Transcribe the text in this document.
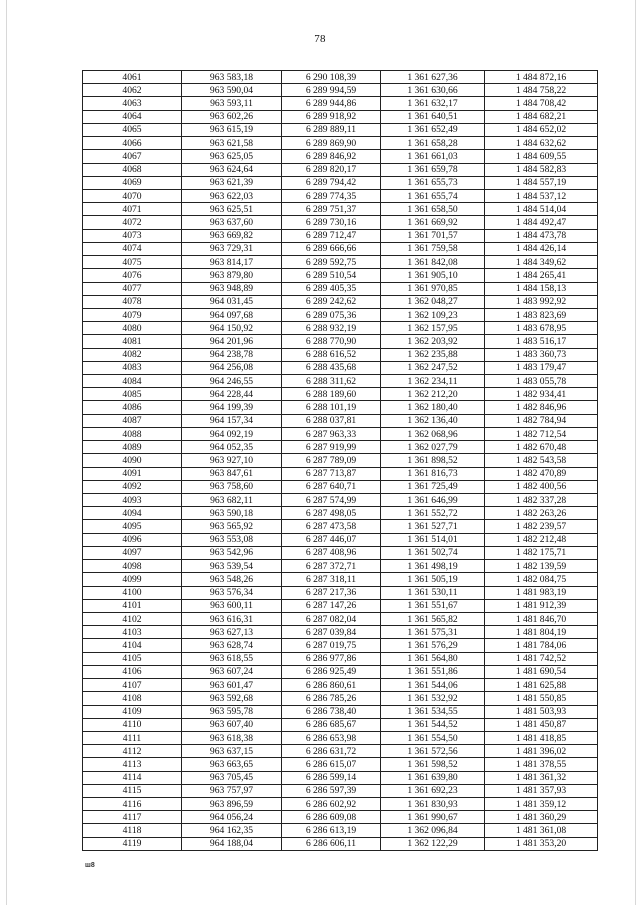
78
4061	963 583,18	6 290 108,39	1 361 627,36	1 484 872,16
4062	963 590,04	6 289 994,59	1 361 630,66	1 484 758,22
4063	963 593,11	6 289 944,86	1 361 632,17	1 484 708,42
4064	963 602,26	6 289 918,92	1 361 640,51	1 484 682,21
4065	963 615,19	6 289 889,11	1 361 652,49	1 484 652,02
4066	963 621,58	6 289 869,90	1 361 658,28	1 484 632,62
4067	963 625,05	6 289 846,92	1 361 661,03	1 484 609,55
4068	963 624,64	6 289 820,17	1 361 659,78	1 484 582,83
4069	963 621,39	6 289 794,42	1 361 655,73	1 484 557,19
4070	963 622,03	6 289 774,35	1 361 655,74	1 484 537,12
4071	963 625,51	6 289 751,37	1 361 658,50	1 484 514,04
4072	963 637,60	6 289 730,16	1 361 669,92	1 484 492,47
4073	963 669,82	6 289 712,47	1 361 701,57	1 484 473,78
4074	963 729,31	6 289 666,66	1 361 759,58	1 484 426,14
4075	963 814,17	6 289 592,75	1 361 842,08	1 484 349,62
4076	963 879,80	6 289 510,54	1 361 905,10	1 484 265,41
4077	963 948,89	6 289 405,35	1 361 970,85	1 484 158,13
4078	964 031,45	6 289 242,62	1 362 048,27	1 483 992,92
4079	964 097,68	6 289 075,36	1 362 109,23	1 483 823,69
4080	964 150,92	6 288 932,19	1 362 157,95	1 483 678,95
4081	964 201,96	6 288 770,90	1 362 203,92	1 483 516,17
4082	964 238,78	6 288 616,52	1 362 235,88	1 483 360,73
4083	964 256,08	6 288 435,68	1 362 247,52	1 483 179,47
4084	964 246,55	6 288 311,62	1 362 234,11	1 483 055,78
4085	964 228,44	6 288 189,60	1 362 212,20	1 482 934,41
4086	964 199,39	6 288 101,19	1 362 180,40	1 482 846,96
4087	964 157,34	6 288 037,81	1 362 136,40	1 482 784,94
4088	964 092,19	6 287 963,33	1 362 068,96	1 482 712,54
4089	964 052,35	6 287 919,99	1 362 027,79	1 482 670,48
4090	963 927,10	6 287 789,09	1 361 898,52	1 482 543,58
4091	963 847,61	6 287 713,87	1 361 816,73	1 482 470,89
4092	963 758,60	6 287 640,71	1 361 725,49	1 482 400,56
4093	963 682,11	6 287 574,99	1 361 646,99	1 482 337,28
4094	963 590,18	6 287 498,05	1 361 552,72	1 482 263,26
4095	963 565,92	6 287 473,58	1 361 527,71	1 482 239,57
4096	963 553,08	6 287 446,07	1 361 514,01	1 482 212,48
4097	963 542,96	6 287 408,96	1 361 502,74	1 482 175,71
4098	963 539,54	6 287 372,71	1 361 498,19	1 482 139,59
4099	963 548,26	6 287 318,11	1 361 505,19	1 482 084,75
4100	963 576,34	6 287 217,36	1 361 530,11	1 481 983,19
4101	963 600,11	6 287 147,26	1 361 551,67	1 481 912,39
4102	963 616,31	6 287 082,04	1 361 565,82	1 481 846,70
4103	963 627,13	6 287 039,84	1 361 575,31	1 481 804,19
4104	963 628,74	6 287 019,75	1 361 576,29	1 481 784,06
4105	963 618,55	6 286 977,86	1 361 564,80	1 481 742,52
4106	963 607,24	6 286 925,49	1 361 551,86	1 481 690,54
4107	963 601,47	6 286 860,61	1 361 544,06	1 481 625,88
4108	963 592,68	6 286 785,26	1 361 532,92	1 481 550,85
4109	963 595,78	6 286 738,40	1 361 534,55	1 481 503,93
4110	963 607,40	6 286 685,67	1 361 544,52	1 481 450,87
4111	963 618,38	6 286 653,98	1 361 554,50	1 481 418,85
4112	963 637,15	6 286 631,72	1 361 572,56	1 481 396,02
4113	963 663,65	6 286 615,07	1 361 598,52	1 481 378,55
4114	963 705,45	6 286 599,14	1 361 639,80	1 481 361,32
4115	963 757,97	6 286 597,39	1 361 692,23	1 481 357,93
4116	963 896,59	6 286 602,92	1 361 830,93	1 481 359,12
4117	964 056,24	6 286 609,08	1 361 990,67	1 481 360,29
4118	964 162,35	6 286 613,19	1 362 096,84	1 481 361,08
4119	964 188,04	6 286 606,11	1 362 122,29	1 481 353,20
ш8
